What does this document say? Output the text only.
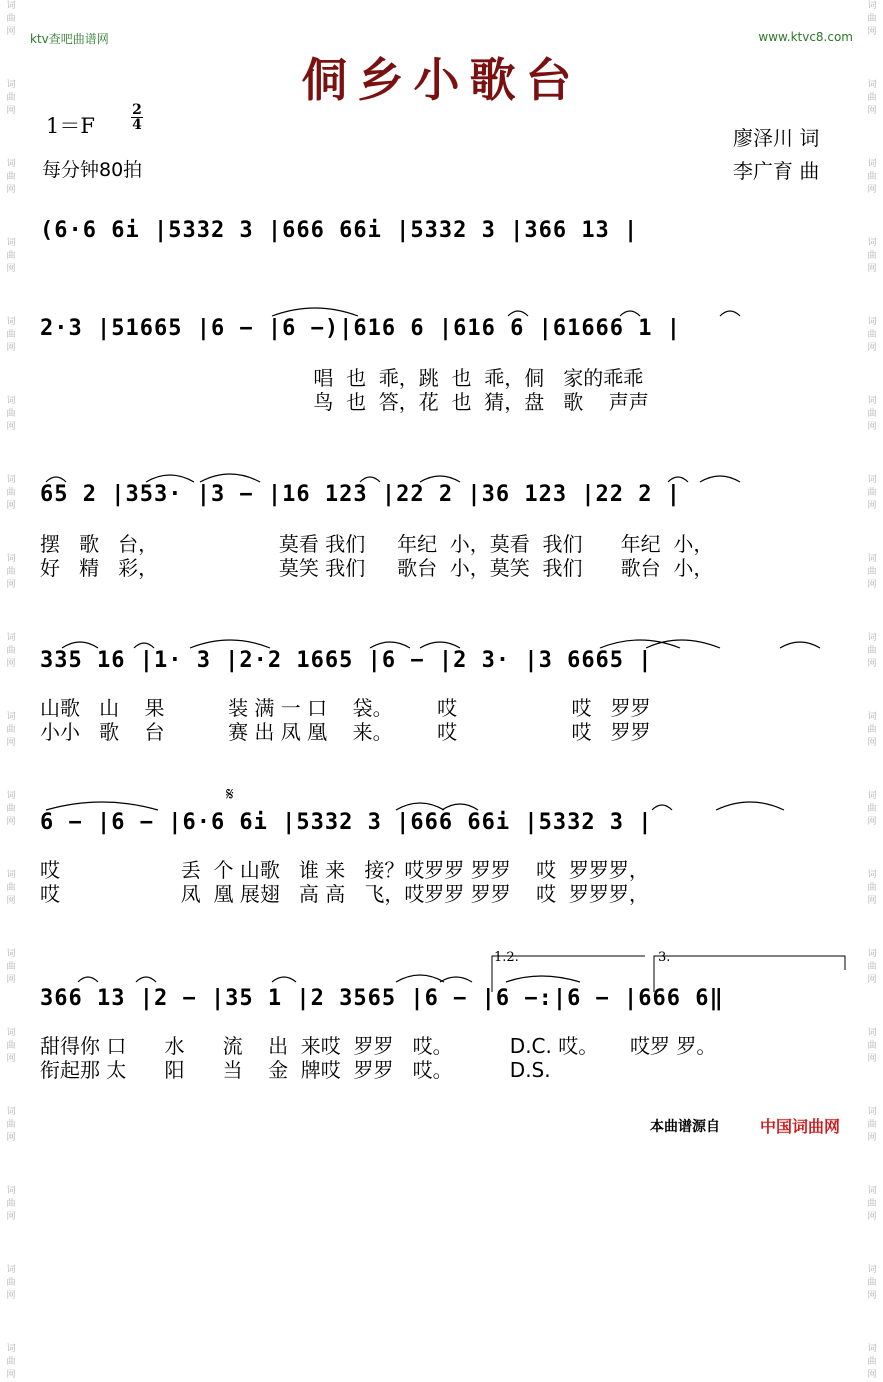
词
曲
网
词
曲
网
词
曲
网
词
曲
网
词
曲
网
词
曲
网
词
曲
网
词
曲
网
词
曲
网
词
曲
网
词
曲
网
词
曲
网
词
曲
网
词
曲
网
词
曲
网
词
曲
网
词
曲
网
词
曲
网
词
曲
网
词
曲
网
词
曲
网
词
曲
网
词
曲
网
词
曲
网
词
曲
网
词
曲
网
词
曲
网
词
曲
网
词
曲
网
词
曲
网
词
曲
网
词
曲
网
词
曲
网
词
曲
网
词
曲
网
词
曲
网
ktv查吧曲谱网	www.ktvc8.com
侗乡小歌台
1＝F
2
4
每分钟80拍
廖泽川 词
李广育 曲
(6·6 6i |5332 3 |666 66i |5332 3 |366 13 |
2·3 |51665 |6 − |6 −)|616 6 |616 6 |61666 1 |
唱  也  乖，跳  也  乖，侗   家的乖乖
鸟  也  答，花  也  猜，盘   歌    声声
65 2 |353· |3 − |16 123 |22 2 |36 123 |22 2 |
摆   歌   台，                   莫看 我们     年纪  小，莫看  我们      年纪  小，
好   精   彩，                   莫笑 我们     歌台  小，莫笑  我们      歌台  小，
335 16 |1· 3 |2·2 1665 |6 − |2 3· |3 6665 |
山歌   山    果          装 满 一 口    袋。       哎                  哎   罗罗
小小   歌    台          赛 出 凤 凰    来。       哎                  哎   罗罗
𝄋
6 − |6 − |6·6 6i |5332 3 |666 66i |5332 3 |
哎                   丢  个 山歌   谁 来   接？哎罗罗 罗罗    哎  罗罗罗，
哎                   凤  凰 展翅   高 高   飞，哎罗罗 罗罗    哎  罗罗罗，
1.2.	3.
366 13 |2 − |35 1 |2 3565 |6 − |6 −:|6 − |666 6‖
甜得你 口      水      流    出  来哎  罗罗   哎。         D.C. 哎。     哎罗 罗。
衔起那 太      阳      当    金  牌哎  罗罗   哎。         D.S.
本曲谱源自	中国词曲网
